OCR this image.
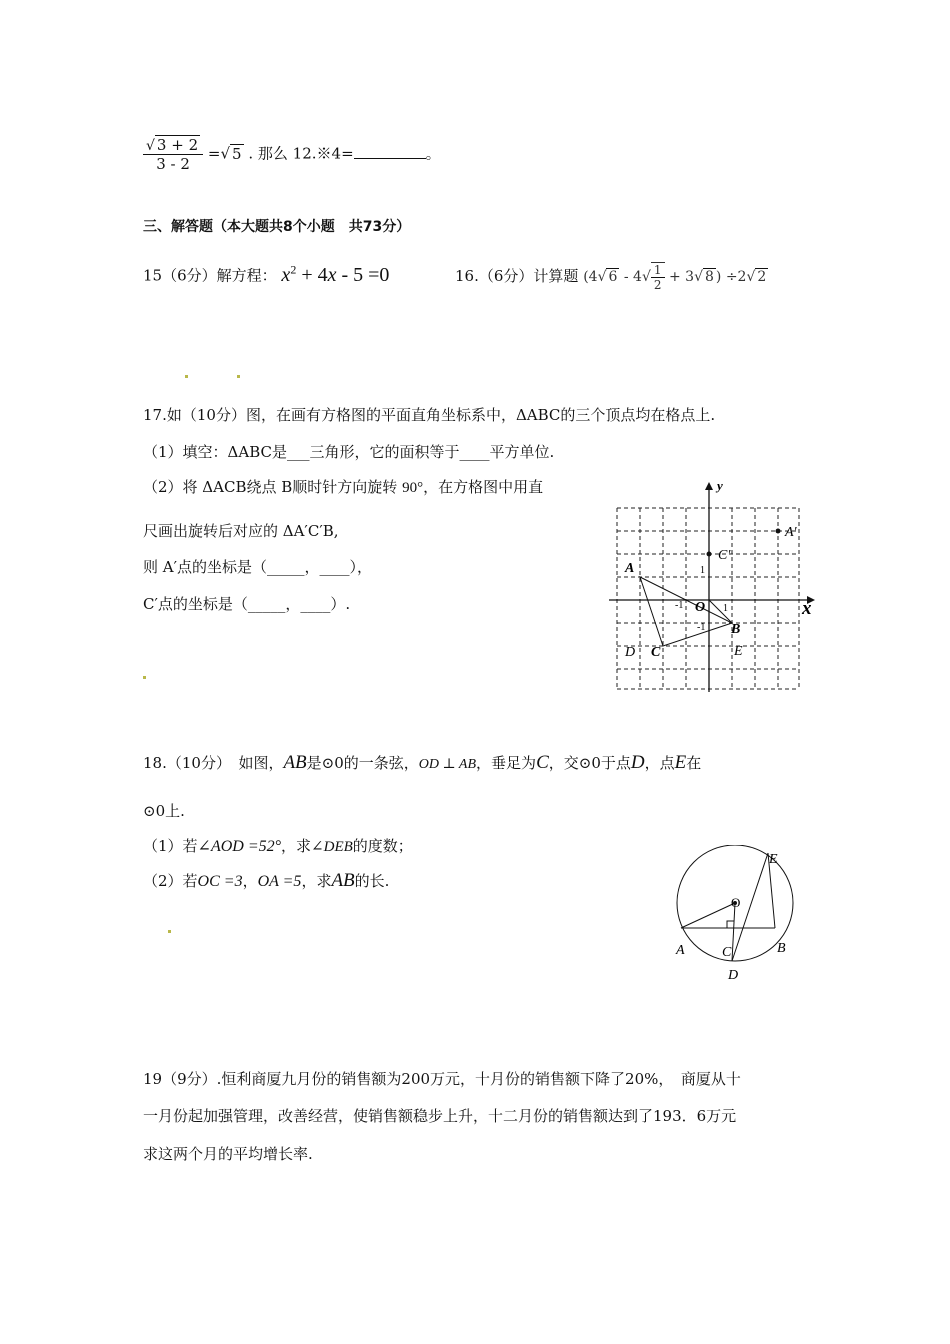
$\frac{√ 3 + 2}{3 - 2}$ =√ 5 . 那么 12.※4=	。
三、解答题（本大题共8个小题　共73分）
15（6分）解方程： $x^2 + 4x - 5 =0$	16.（6分）计算题 (4√ $6 - 4√ \frac{1}{2} + 3√$ 8 ) ÷2√ 2
17.如（10分）图，在画有方格图的平面直角坐标系中，ΔABC的三个顶点均在格点上.
（1）填空：ΔABC是___三角形，它的面积等于____平方单位.
（2）将 ΔACB绕点 B顺时针方向旋转 90°，在方格图中用直
尺画出旋转后对应的 ΔA′C′B,
则 A′点的坐标是（_____，____），
C′点的坐标是（_____，____）.
y
x
O
A
B
C
D	E
A′
C′
1
-1	1
-1
18.（10分）　如图，AB是⊙0的一条弦，OD ⊥ AB，垂足为C，交⊙0于点D，点E在
⊙0上.
（1）若∠AOD =52°，求∠DEB的度数；
（2）若OC =3，OA =5，求AB的长.
E
O
A	C	B
D
19（9分）.恒利商厦九月份的销售额为200万元，十月份的销售额下降了20%，　商厦从十
一月份起加强管理，改善经营，使销售额稳步上升，十二月份的销售额达到了193．6万元
求这两个月的平均增长率.
